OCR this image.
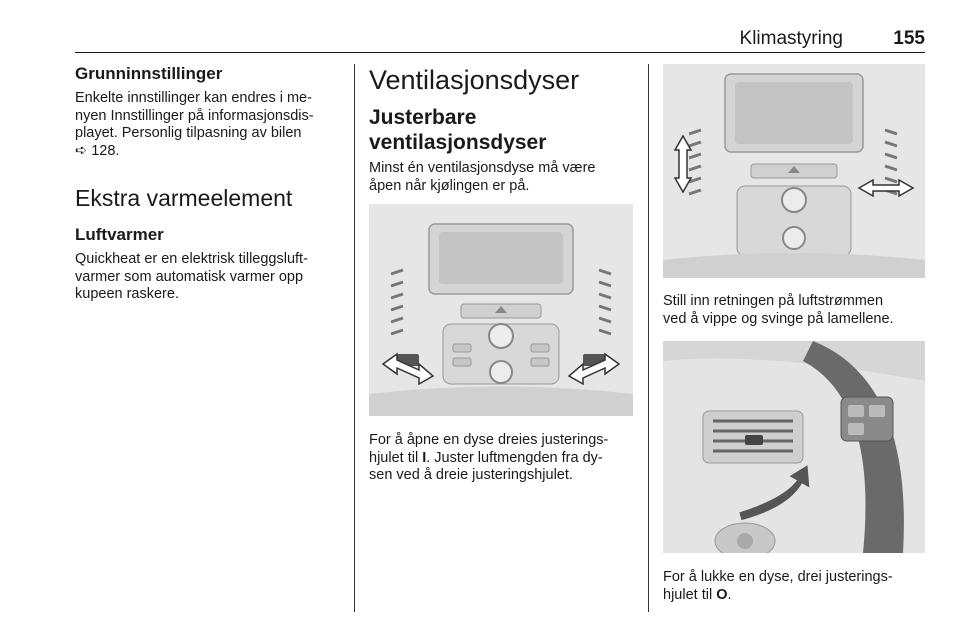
Klimastyring	155
Grunninnstillinger

Enkelte innstillinger kan endres i me-
nyen Innstillinger på informasjonsdis-
playet. Personlig tilpasning av bilen
➪ 128.

Ekstra varmeelement
Luftvarmer

Quickheat er en elektrisk tilleggsluft-
varmer som automatisk varmer opp
kupeen raskere.

Ventilasjonsdyser
Justerbare
ventilasjonsdyser

Minst én ventilasjonsdyse må være
åpen når kjølingen er på.

For å åpne en dyse dreies justerings-
hjulet til I. Juster luftmengden fra dy-
sen ved å dreie justeringshjulet.

Still inn retningen på luftstrømmen
ved å vippe og svinge på lamellene.

For å lukke en dyse, drei justerings-
hjulet til O.
